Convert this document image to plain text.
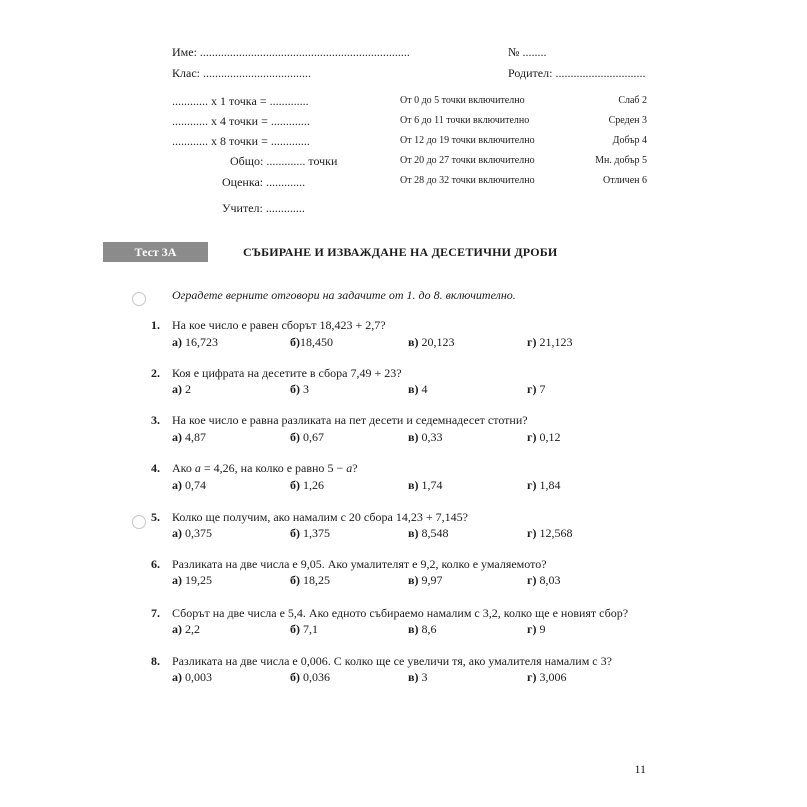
Име: ......................................................................	№ ........
Клас: ....................................	Родител: ..............................
............ x 1 точка = .............
............ x 4 точки = .............
............ x 8 точки = .............
Общо: ............. точки
Оценка: .............
Учител: .............
От 0 до 5 точки включително	Слаб 2
От 6 до 11 точки включително	Среден 3
От 12 до 19 точки включително	Добър 4
От 20 до 27 точки включително	Мн. добър 5
От 28 до 32 точки включително	Отличен 6
Тест 3А	СЪБИРАНЕ И ИЗВАЖДАНЕ НА ДЕСЕТИЧНИ ДРОБИ
Оградете верните отговори на задачите от 1. до 8. включително.
1. На кое число е равен сборът 18,423 + 2,7?
а) 16,723	б)18,450	в) 20,123	г) 21,123
2. Коя е цифрата на десетите в сбора 7,49 + 23?
а) 2	б) 3	в) 4	г) 7
3. На кое число е равна разликата на пет десети и седемнадесет стотни?
а) 4,87	б) 0,67	в) 0,33	г) 0,12
4. Ако a = 4,26, на колко е равно 5 − a?
а) 0,74	б) 1,26	в) 1,74	г) 1,84
5. Колко ще получим, ако намалим с 20 сбора 14,23 + 7,145?
а) 0,375	б) 1,375	в) 8,548	г) 12,568
6. Разликата на две числа е 9,05. Ако умалителят е 9,2, колко е умаляемото?
а) 19,25	б) 18,25	в) 9,97	г) 8,03
7. Сборът на две числа е 5,4. Ако едното събираемо намалим с 3,2, колко ще е новият сбор?
а) 2,2	б) 7,1	в) 8,6	г) 9
8. Разликата на две числа е 0,006. С колко ще се увеличи тя, ако умалителя намалим с 3?
а) 0,003	б) 0,036	в) 3	г) 3,006
11
